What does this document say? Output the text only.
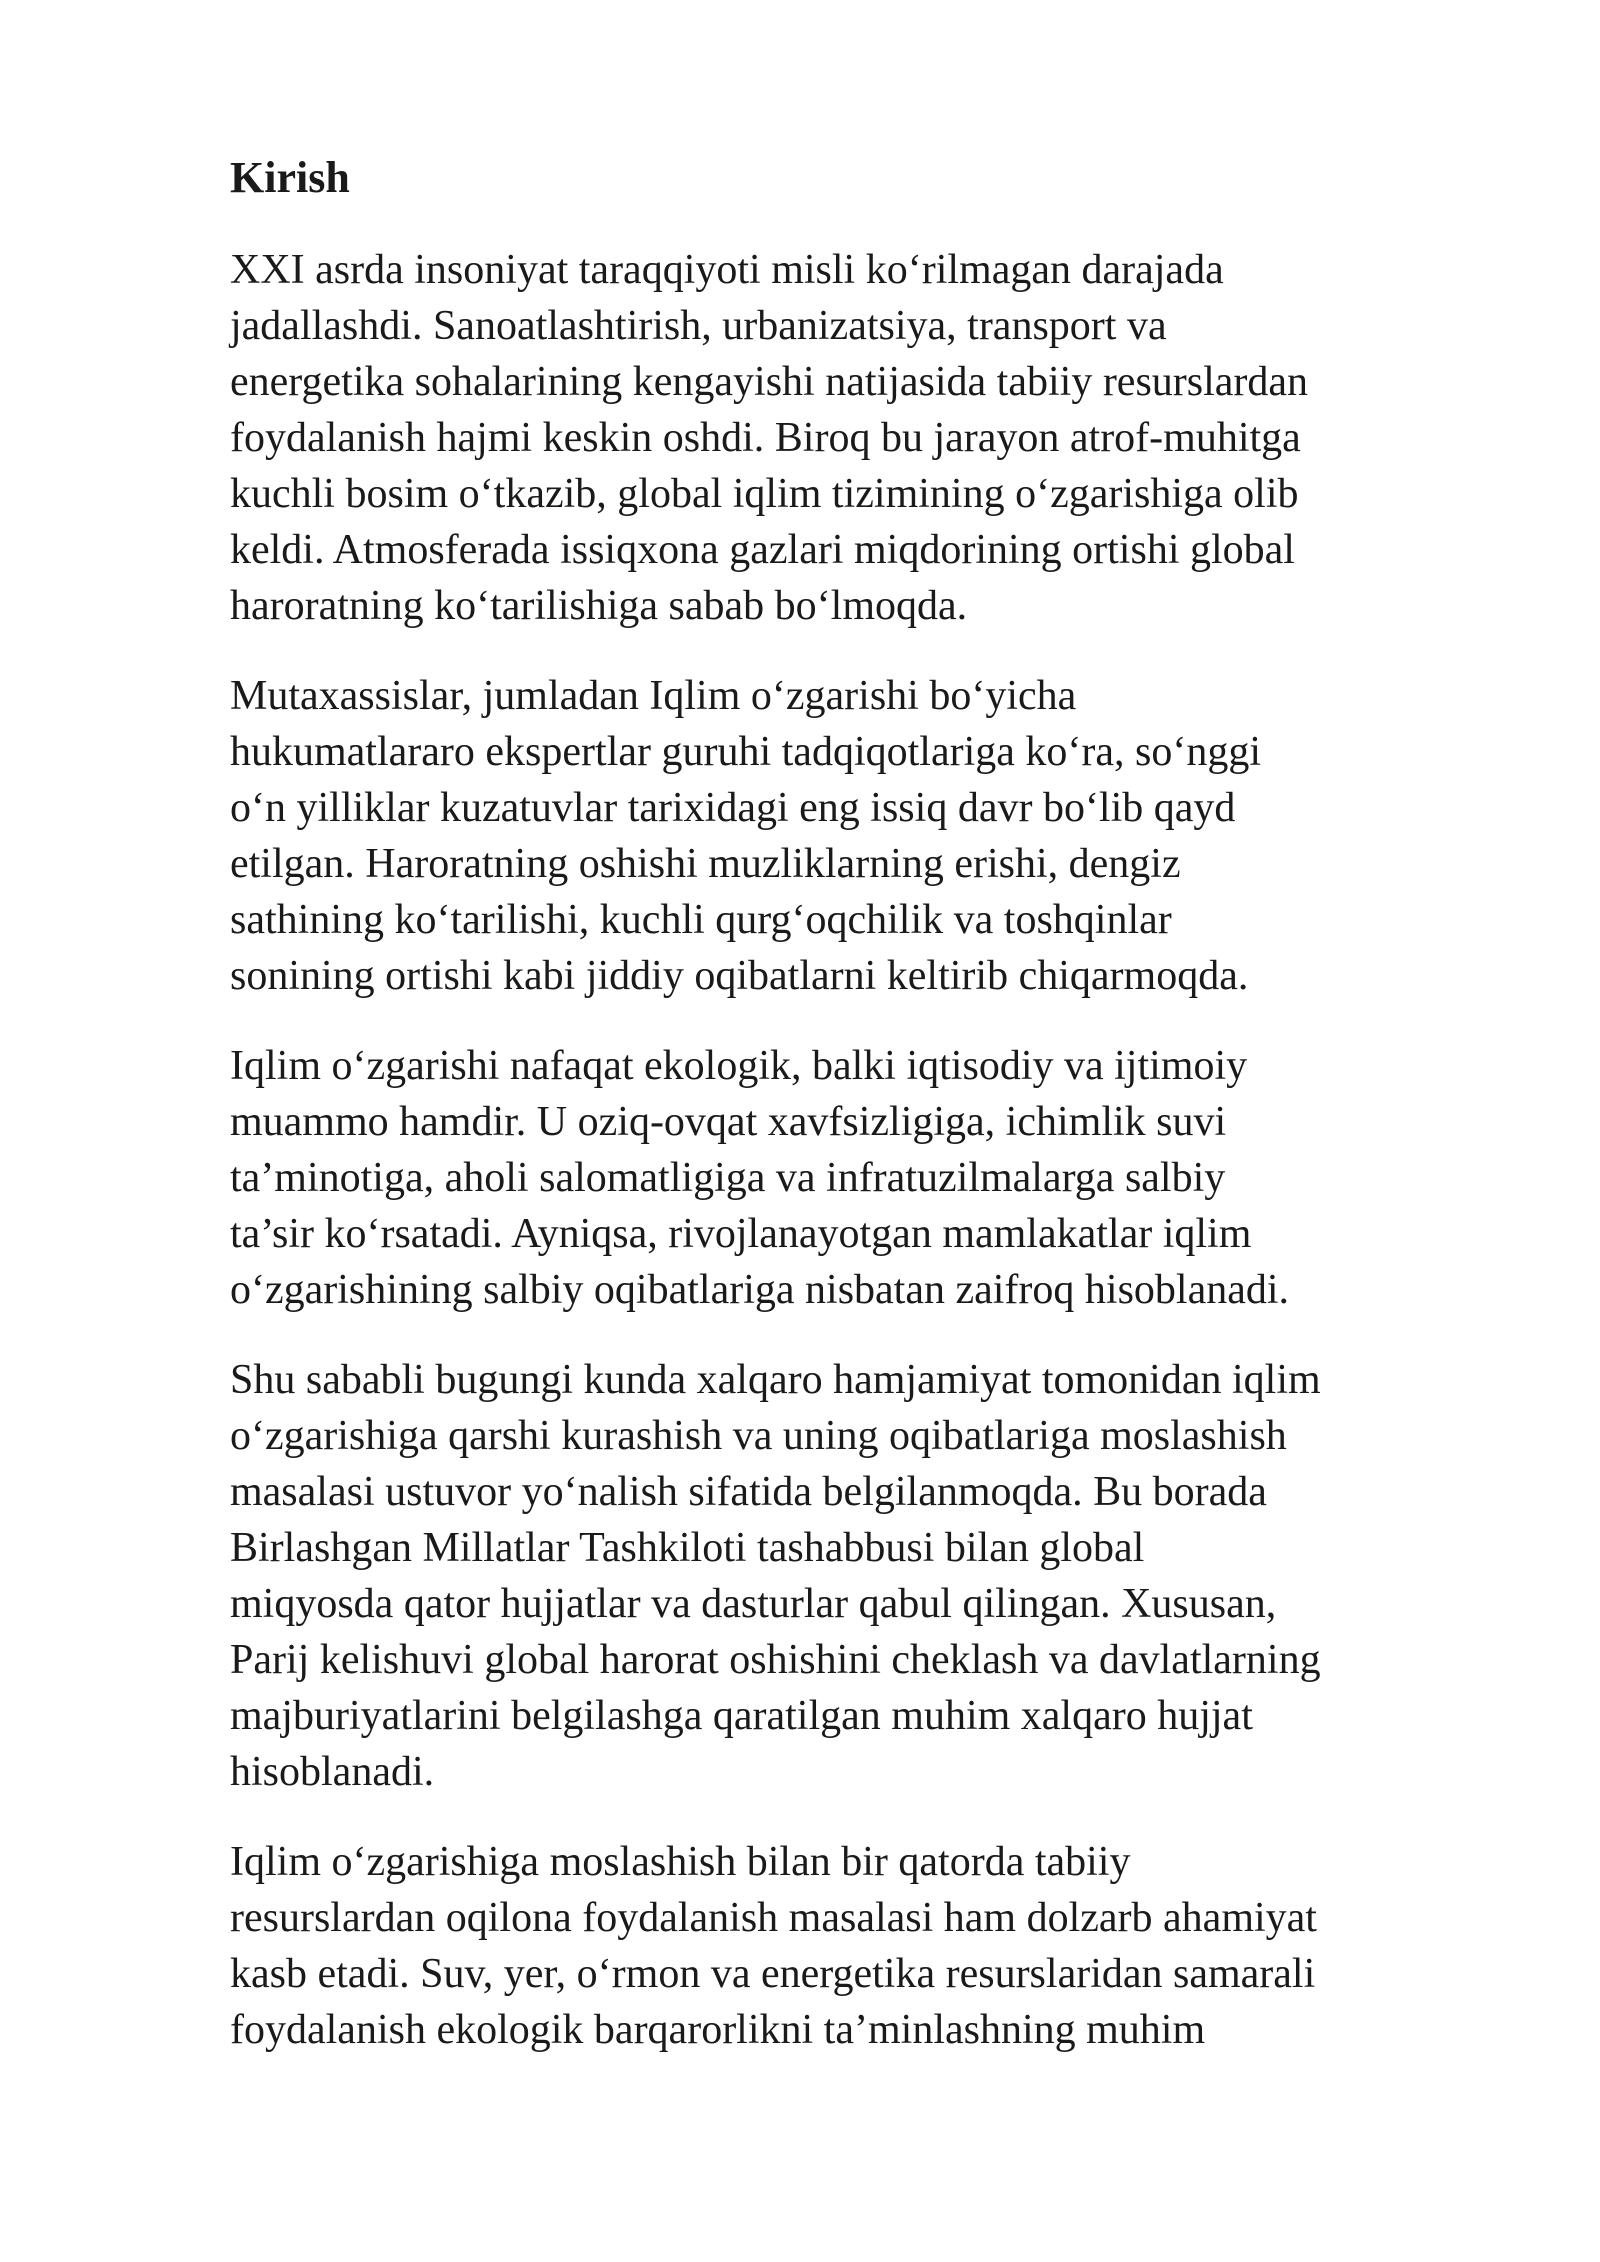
Kirish
XXI asrda insoniyat taraqqiyoti misli ko‘rilmagan darajada
jadallashdi. Sanoatlashtirish, urbanizatsiya, transport va
energetika sohalarining kengayishi natijasida tabiiy resurslardan
foydalanish hajmi keskin oshdi. Biroq bu jarayon atrof-muhitga
kuchli bosim o‘tkazib, global iqlim tizimining o‘zgarishiga olib
keldi. Atmosferada issiqxona gazlari miqdorining ortishi global
haroratning ko‘tarilishiga sabab bo‘lmoqda.
Mutaxassislar, jumladan Iqlim o‘zgarishi bo‘yicha
hukumatlararo ekspertlar guruhi tadqiqotlariga ko‘ra, so‘nggi
o‘n yilliklar kuzatuvlar tarixidagi eng issiq davr bo‘lib qayd
etilgan. Haroratning oshishi muzliklarning erishi, dengiz
sathining ko‘tarilishi, kuchli qurg‘oqchilik va toshqinlar
sonining ortishi kabi jiddiy oqibatlarni keltirib chiqarmoqda.
Iqlim o‘zgarishi nafaqat ekologik, balki iqtisodiy va ijtimoiy
muammo hamdir. U oziq-ovqat xavfsizligiga, ichimlik suvi
ta’minotiga, aholi salomatligiga va infratuzilmalarga salbiy
ta’sir ko‘rsatadi. Ayniqsa, rivojlanayotgan mamlakatlar iqlim
o‘zgarishining salbiy oqibatlariga nisbatan zaifroq hisoblanadi.
Shu sababli bugungi kunda xalqaro hamjamiyat tomonidan iqlim
o‘zgarishiga qarshi kurashish va uning oqibatlariga moslashish
masalasi ustuvor yo‘nalish sifatida belgilanmoqda. Bu borada
Birlashgan Millatlar Tashkiloti tashabbusi bilan global
miqyosda qator hujjatlar va dasturlar qabul qilingan. Xususan,
Parij kelishuvi global harorat oshishini cheklash va davlatlarning
majburiyatlarini belgilashga qaratilgan muhim xalqaro hujjat
hisoblanadi.
Iqlim o‘zgarishiga moslashish bilan bir qatorda tabiiy
resurslardan oqilona foydalanish masalasi ham dolzarb ahamiyat
kasb etadi. Suv, yer, o‘rmon va energetika resurslaridan samarali
foydalanish ekologik barqarorlikni ta’minlashning muhim
